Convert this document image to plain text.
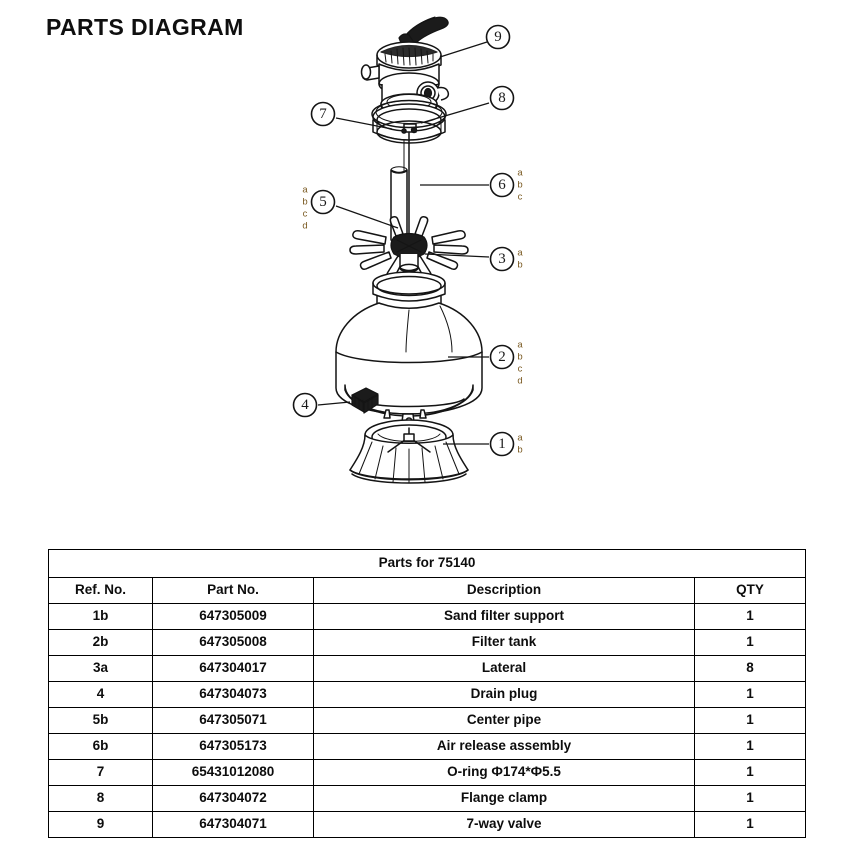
PARTS DIAGRAM	9
8
7
6
a
b
c
5
a
b
c
d
3 a
b
2
a
b
c
d
4
1 a
b
Parts for 75140			
Ref. No.	Part No.	Description	QTY
1b	647305009	Sand filter support	1
2b	647305008	Filter tank	1
3a	647304017	Lateral	8
4	647304073	Drain plug	1
5b	647305071	Center pipe	1
6b	647305173	Air release assembly	1
7	65431012080	O-ring Ф174*Ф5.5	1
8	647304072	Flange clamp	1
9	647304071	7-way valve	1
